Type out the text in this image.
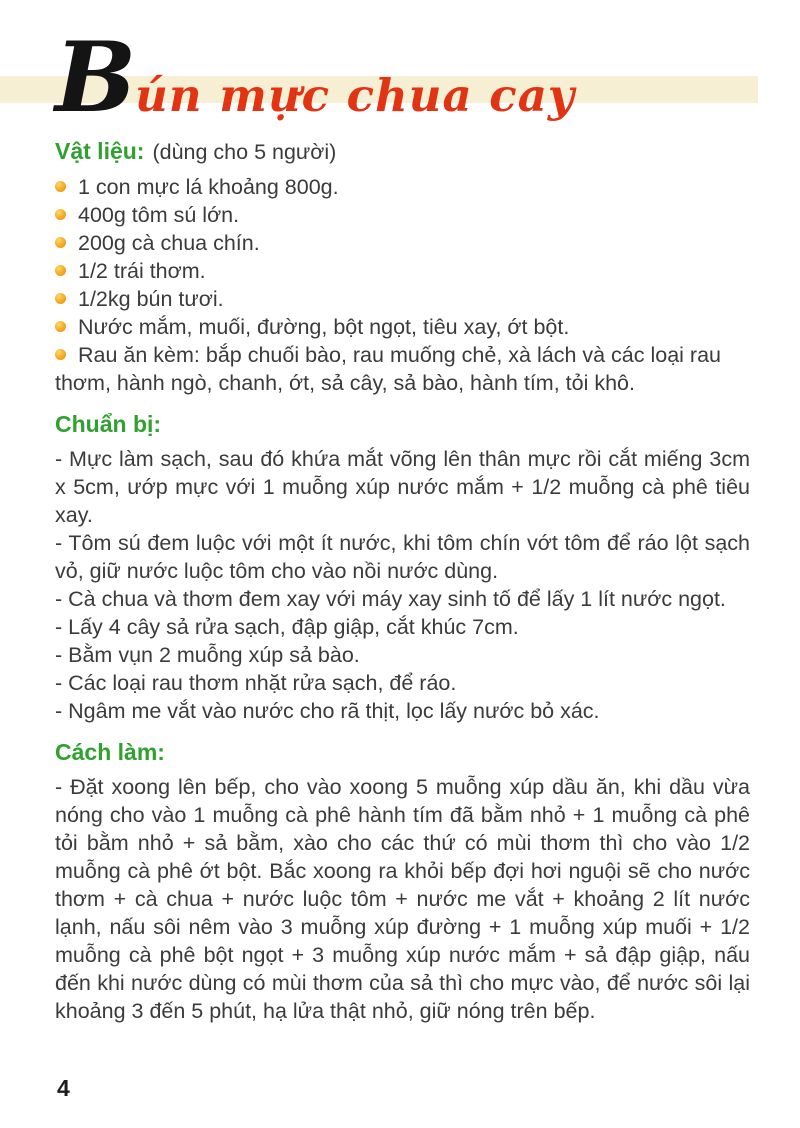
Bún mực chua cay

Vật liệu: (dùng cho 5 người)

1 con mực lá khoảng 800g.
400g tôm sú lớn.
200g cà chua chín.
1/2 trái thơm.
1/2kg bún tươi.
Nước mắm, muối, đường, bột ngọt, tiêu xay, ớt bột.
Rau ăn kèm: bắp chuối bào, rau muống chẻ, xà lách và các loại rau thơm, hành ngò, chanh, ớt, sả cây, sả bào, hành tím, tỏi khô.

Chuẩn bị:

- Mực làm sạch, sau đó khứa mắt võng lên thân mực rồi cắt miếng 3cm x 5cm, ướp mực với 1 muỗng xúp nước mắm + 1/2 muỗng cà phê tiêu xay.

- Tôm sú đem luộc với một ít nước, khi tôm chín vớt tôm để ráo lột sạch vỏ, giữ nước luộc tôm cho vào nồi nước dùng.

- Cà chua và thơm đem xay với máy xay sinh tố để lấy 1 lít nước ngọt.

- Lấy 4 cây sả rửa sạch, đập giập, cắt khúc 7cm.

- Bằm vụn 2 muỗng xúp sả bào.

- Các loại rau thơm nhặt rửa sạch, để ráo.

- Ngâm me vắt vào nước cho rã thịt, lọc lấy nước bỏ xác.

Cách làm:

- Đặt xoong lên bếp, cho vào xoong 5 muỗng xúp dầu ăn, khi dầu vừa nóng cho vào 1 muỗng cà phê hành tím đã bằm nhỏ + 1 muỗng cà phê tỏi bằm nhỏ + sả bằm, xào cho các thứ có mùi thơm thì cho vào 1/2 muỗng cà phê ớt bột. Bắc xoong ra khỏi bếp đợi hơi nguội sẽ cho nước thơm + cà chua + nước luộc tôm + nước me vắt + khoảng 2 lít nước lạnh, nấu sôi nêm vào 3 muỗng xúp đường + 1 muỗng xúp muối + 1/2 muỗng cà phê bột ngọt + 3 muỗng xúp nước mắm + sả đập giập, nấu đến khi nước dùng có mùi thơm của sả thì cho mực vào, để nước sôi lại khoảng 3 đến 5 phút, hạ lửa thật nhỏ, giữ nóng trên bếp.

4
